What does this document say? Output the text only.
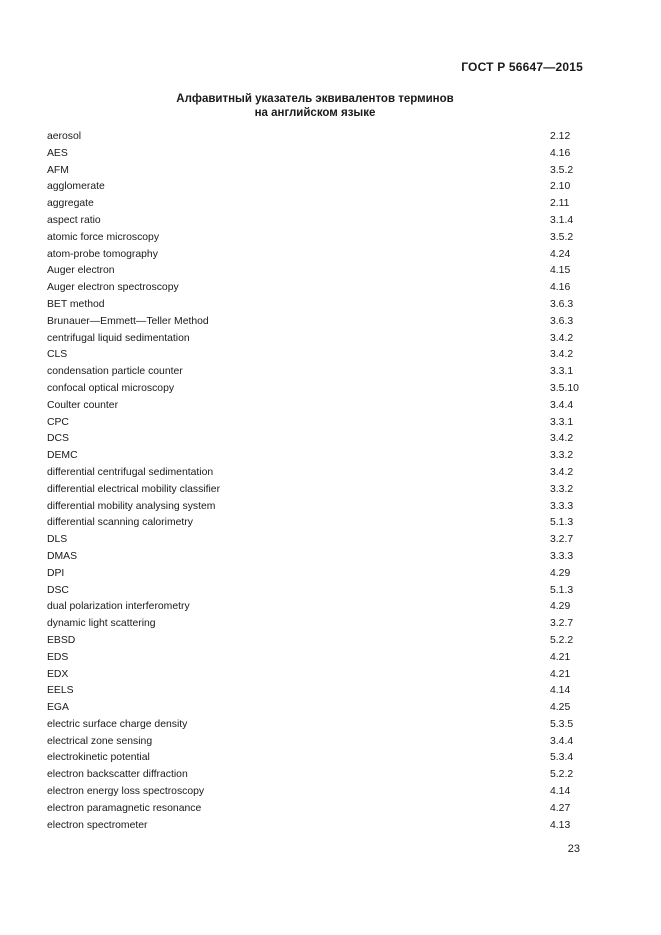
ГОСТ Р 56647—2015
Алфавитный указатель эквивалентов терминов
на английском языке
aerosol	2.12
AES	4.16
AFM	3.5.2
agglomerate	2.10
aggregate	2.11
aspect ratio	3.1.4
atomic force microscopy	3.5.2
atom-probe tomography	4.24
Auger electron	4.15
Auger electron spectroscopy	4.16
BET method	3.6.3
Brunauer—Emmett—Teller Method	3.6.3
centrifugal liquid sedimentation	3.4.2
CLS	3.4.2
condensation particle counter	3.3.1
confocal optical microscopy	3.5.10
Coulter counter	3.4.4
CPC	3.3.1
DCS	3.4.2
DEMC	3.3.2
differential centrifugal sedimentation	3.4.2
differential electrical mobility classifier	3.3.2
differential mobility analysing system	3.3.3
differential scanning calorimetry	5.1.3
DLS	3.2.7
DMAS	3.3.3
DPI	4.29
DSC	5.1.3
dual polarization interferometry	4.29
dynamic light scattering	3.2.7
EBSD	5.2.2
EDS	4.21
EDX	4.21
EELS	4.14
EGA	4.25
electric surface charge density	5.3.5
electrical zone sensing	3.4.4
electrokinetic potential	5.3.4
electron backscatter diffraction	5.2.2
electron energy loss spectroscopy	4.14
electron paramagnetic resonance	4.27
electron spectrometer	4.13
23
